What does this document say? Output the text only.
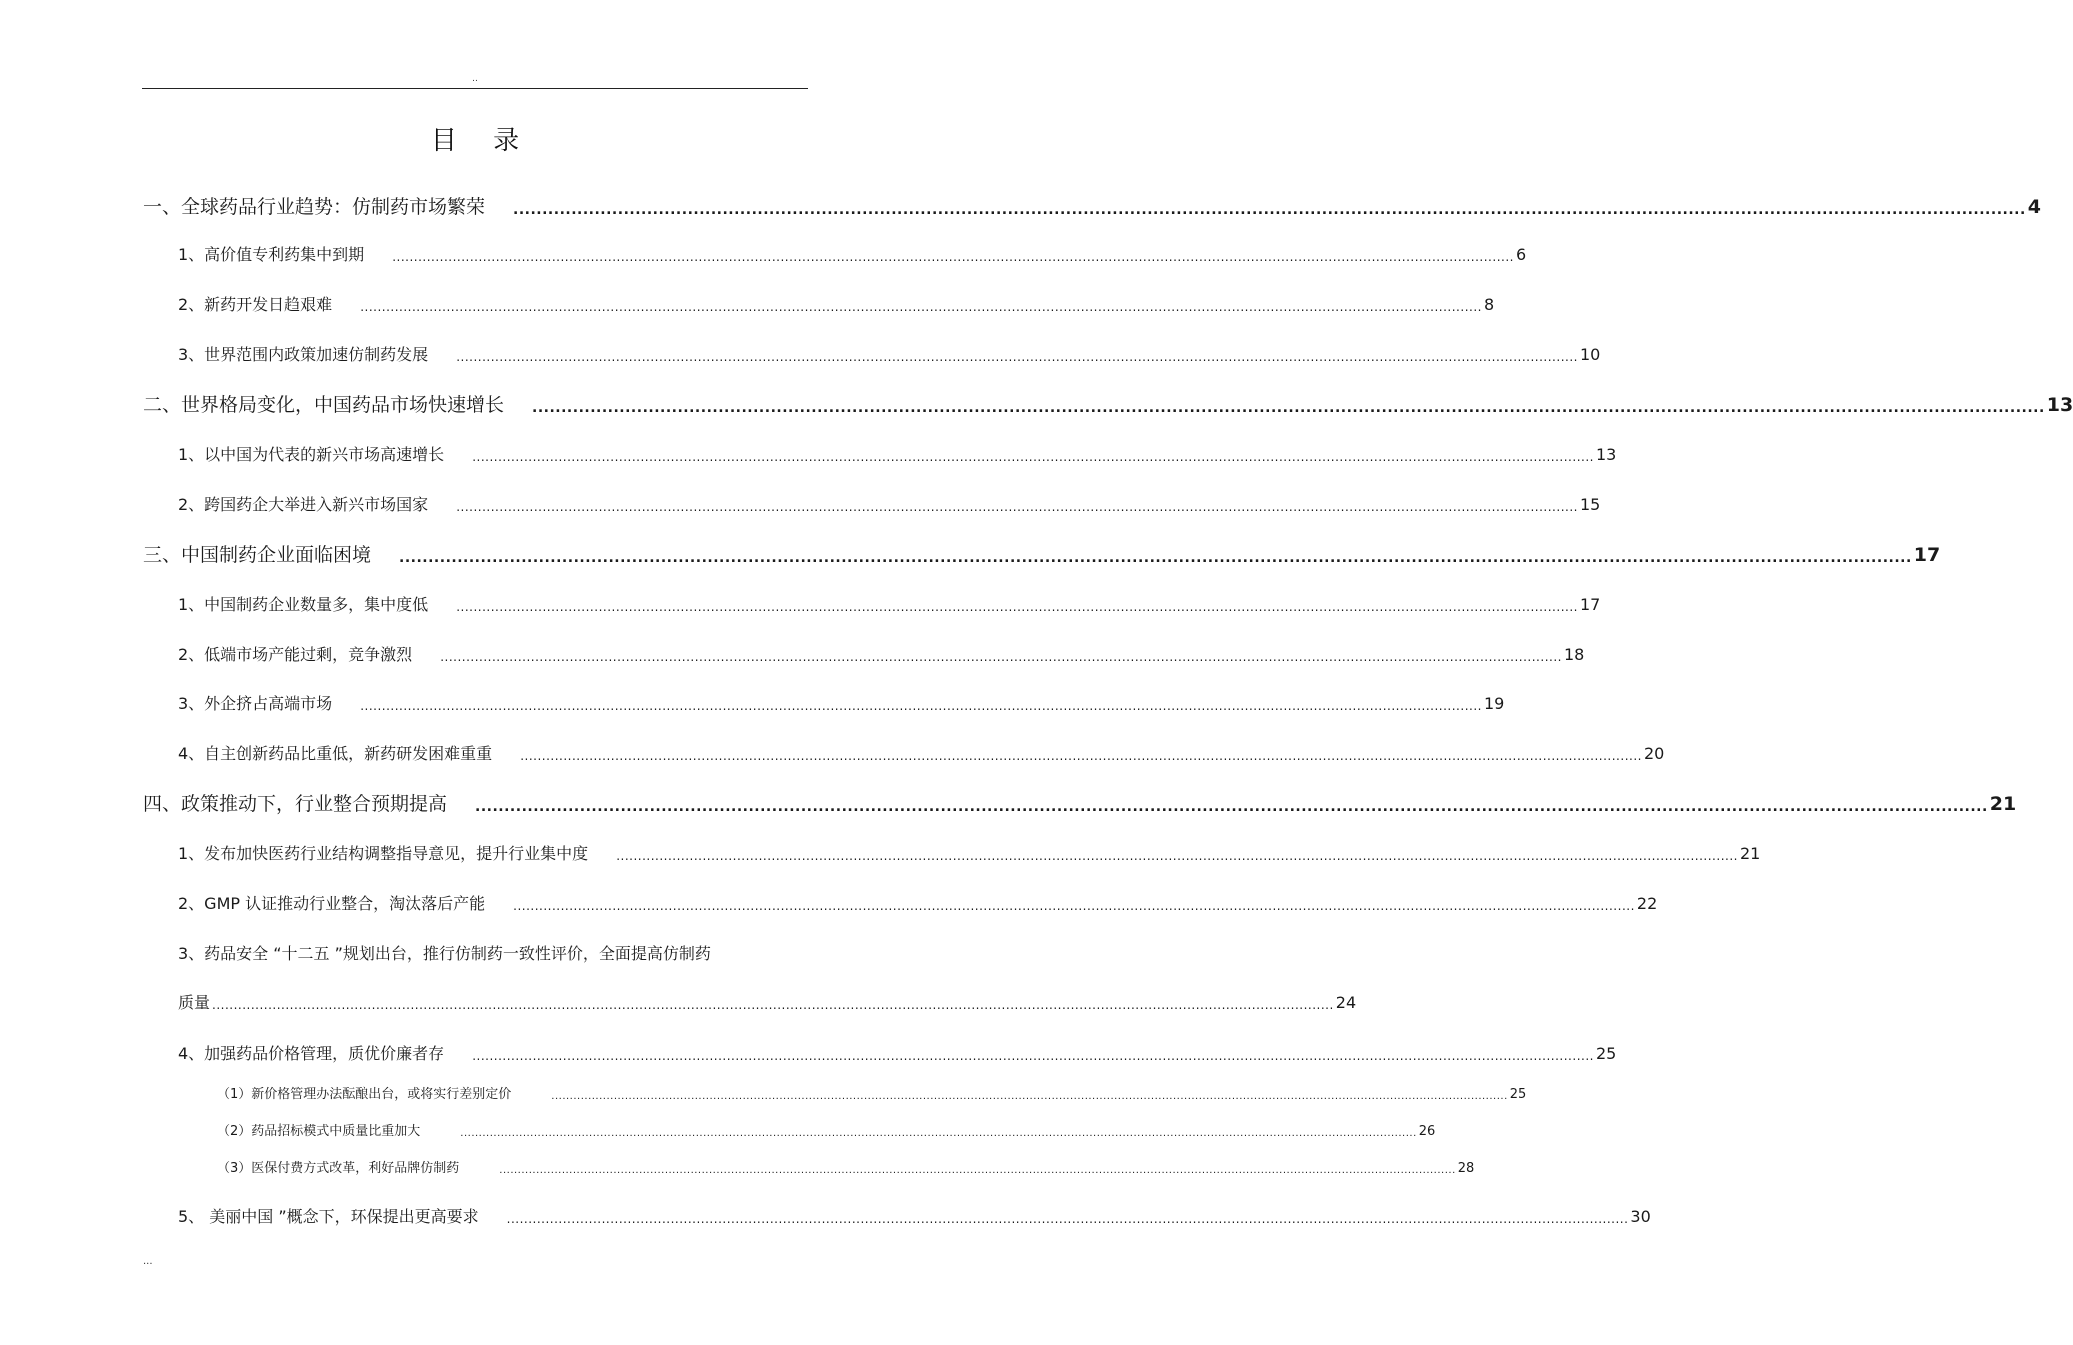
..
目 录
一、全球药品行业趋势：仿制药市场繁荣 .................................................................................................................................................................................................................................................................... 4
1、高价值专利药集中到期 .................................................................................................................................................................................................................................................................... 6
2、新药开发日趋艰难 .................................................................................................................................................................................................................................................................... 8
3、世界范围内政策加速仿制药发展 .................................................................................................................................................................................................................................................................... 10
二、世界格局变化，中国药品市场快速增长 .................................................................................................................................................................................................................................................................... 13
1、以中国为代表的新兴市场高速增长 .................................................................................................................................................................................................................................................................... 13
2、跨国药企大举进入新兴市场国家 .................................................................................................................................................................................................................................................................... 15
三、中国制药企业面临困境 .................................................................................................................................................................................................................................................................... 17
1、中国制药企业数量多，集中度低 .................................................................................................................................................................................................................................................................... 17
2、低端市场产能过剩，竞争激烈 .................................................................................................................................................................................................................................................................... 18
3、外企挤占高端市场 .................................................................................................................................................................................................................................................................... 19
4、自主创新药品比重低，新药研发困难重重 .................................................................................................................................................................................................................................................................... 20
四、政策推动下，行业整合预期提高 .................................................................................................................................................................................................................................................................... 21
1、发布加快医药行业结构调整指导意见，提升行业集中度 .................................................................................................................................................................................................................................................................... 21
2、GMP 认证推动行业整合，淘汰落后产能 .................................................................................................................................................................................................................................................................... 22
3、药品安全 “十二五 ”规划出台，推行仿制药一致性评价，全面提高仿制药
质量 .................................................................................................................................................................................................................................................................... 24
4、加强药品价格管理，质优价廉者存 .................................................................................................................................................................................................................................................................... 25
（1）新价格管理办法酝酿出台，或将实行差别定价	.................................................................................................................................................................................................................................................................... 25
（2）药品招标模式中质量比重加大	.................................................................................................................................................................................................................................................................... 26
（3）医保付费方式改革，利好品牌仿制药	.................................................................................................................................................................................................................................................................... 28
5、 美丽中国 ”概念下，环保提出更高要求 .................................................................................................................................................................................................................................................................... 30
...
